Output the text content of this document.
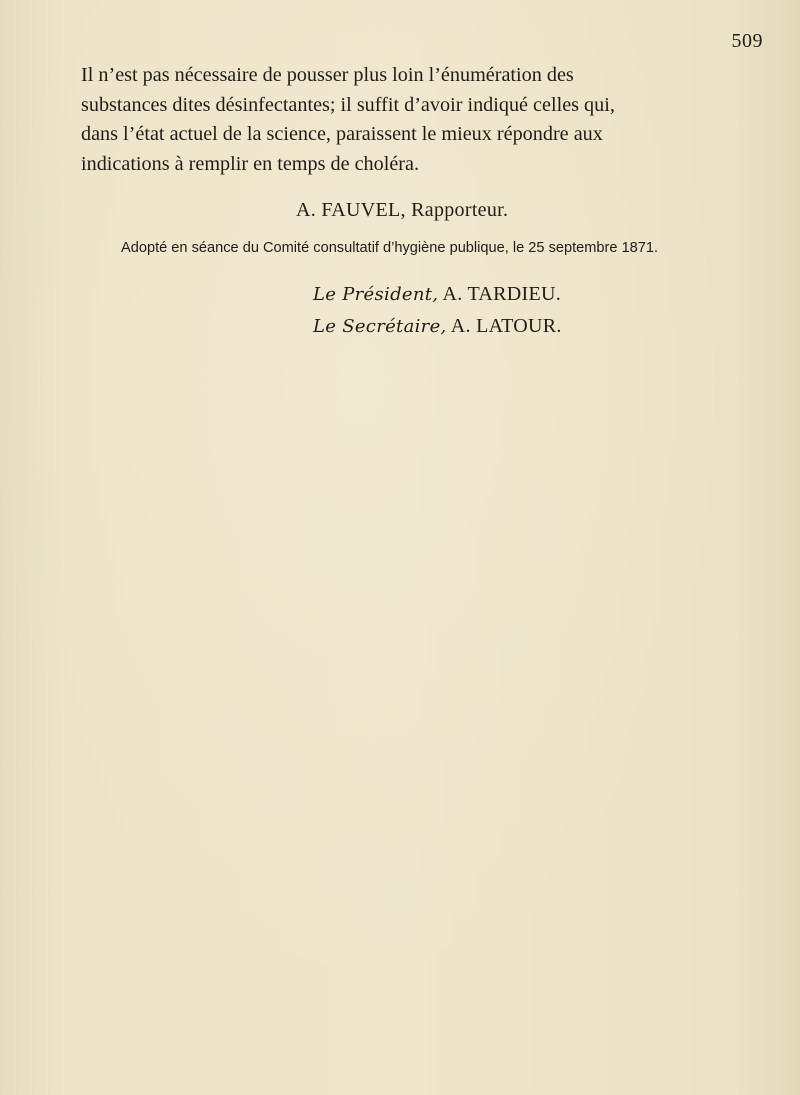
509

Il n’est pas nécessaire de pousser plus loin l’énumération des
substances dites désinfectantes; il suffit d’avoir indiqué celles qui,
dans l’état actuel de la science, paraissent le mieux répondre aux
indications à remplir en temps de choléra.

A. FAUVEL, Rapporteur.
Adopté en séance du Comité consultatif d’hygiène publique, le 25 septembre 1871.
Le Président, A. TARDIEU.
Le Secrétaire, A. LATOUR.
